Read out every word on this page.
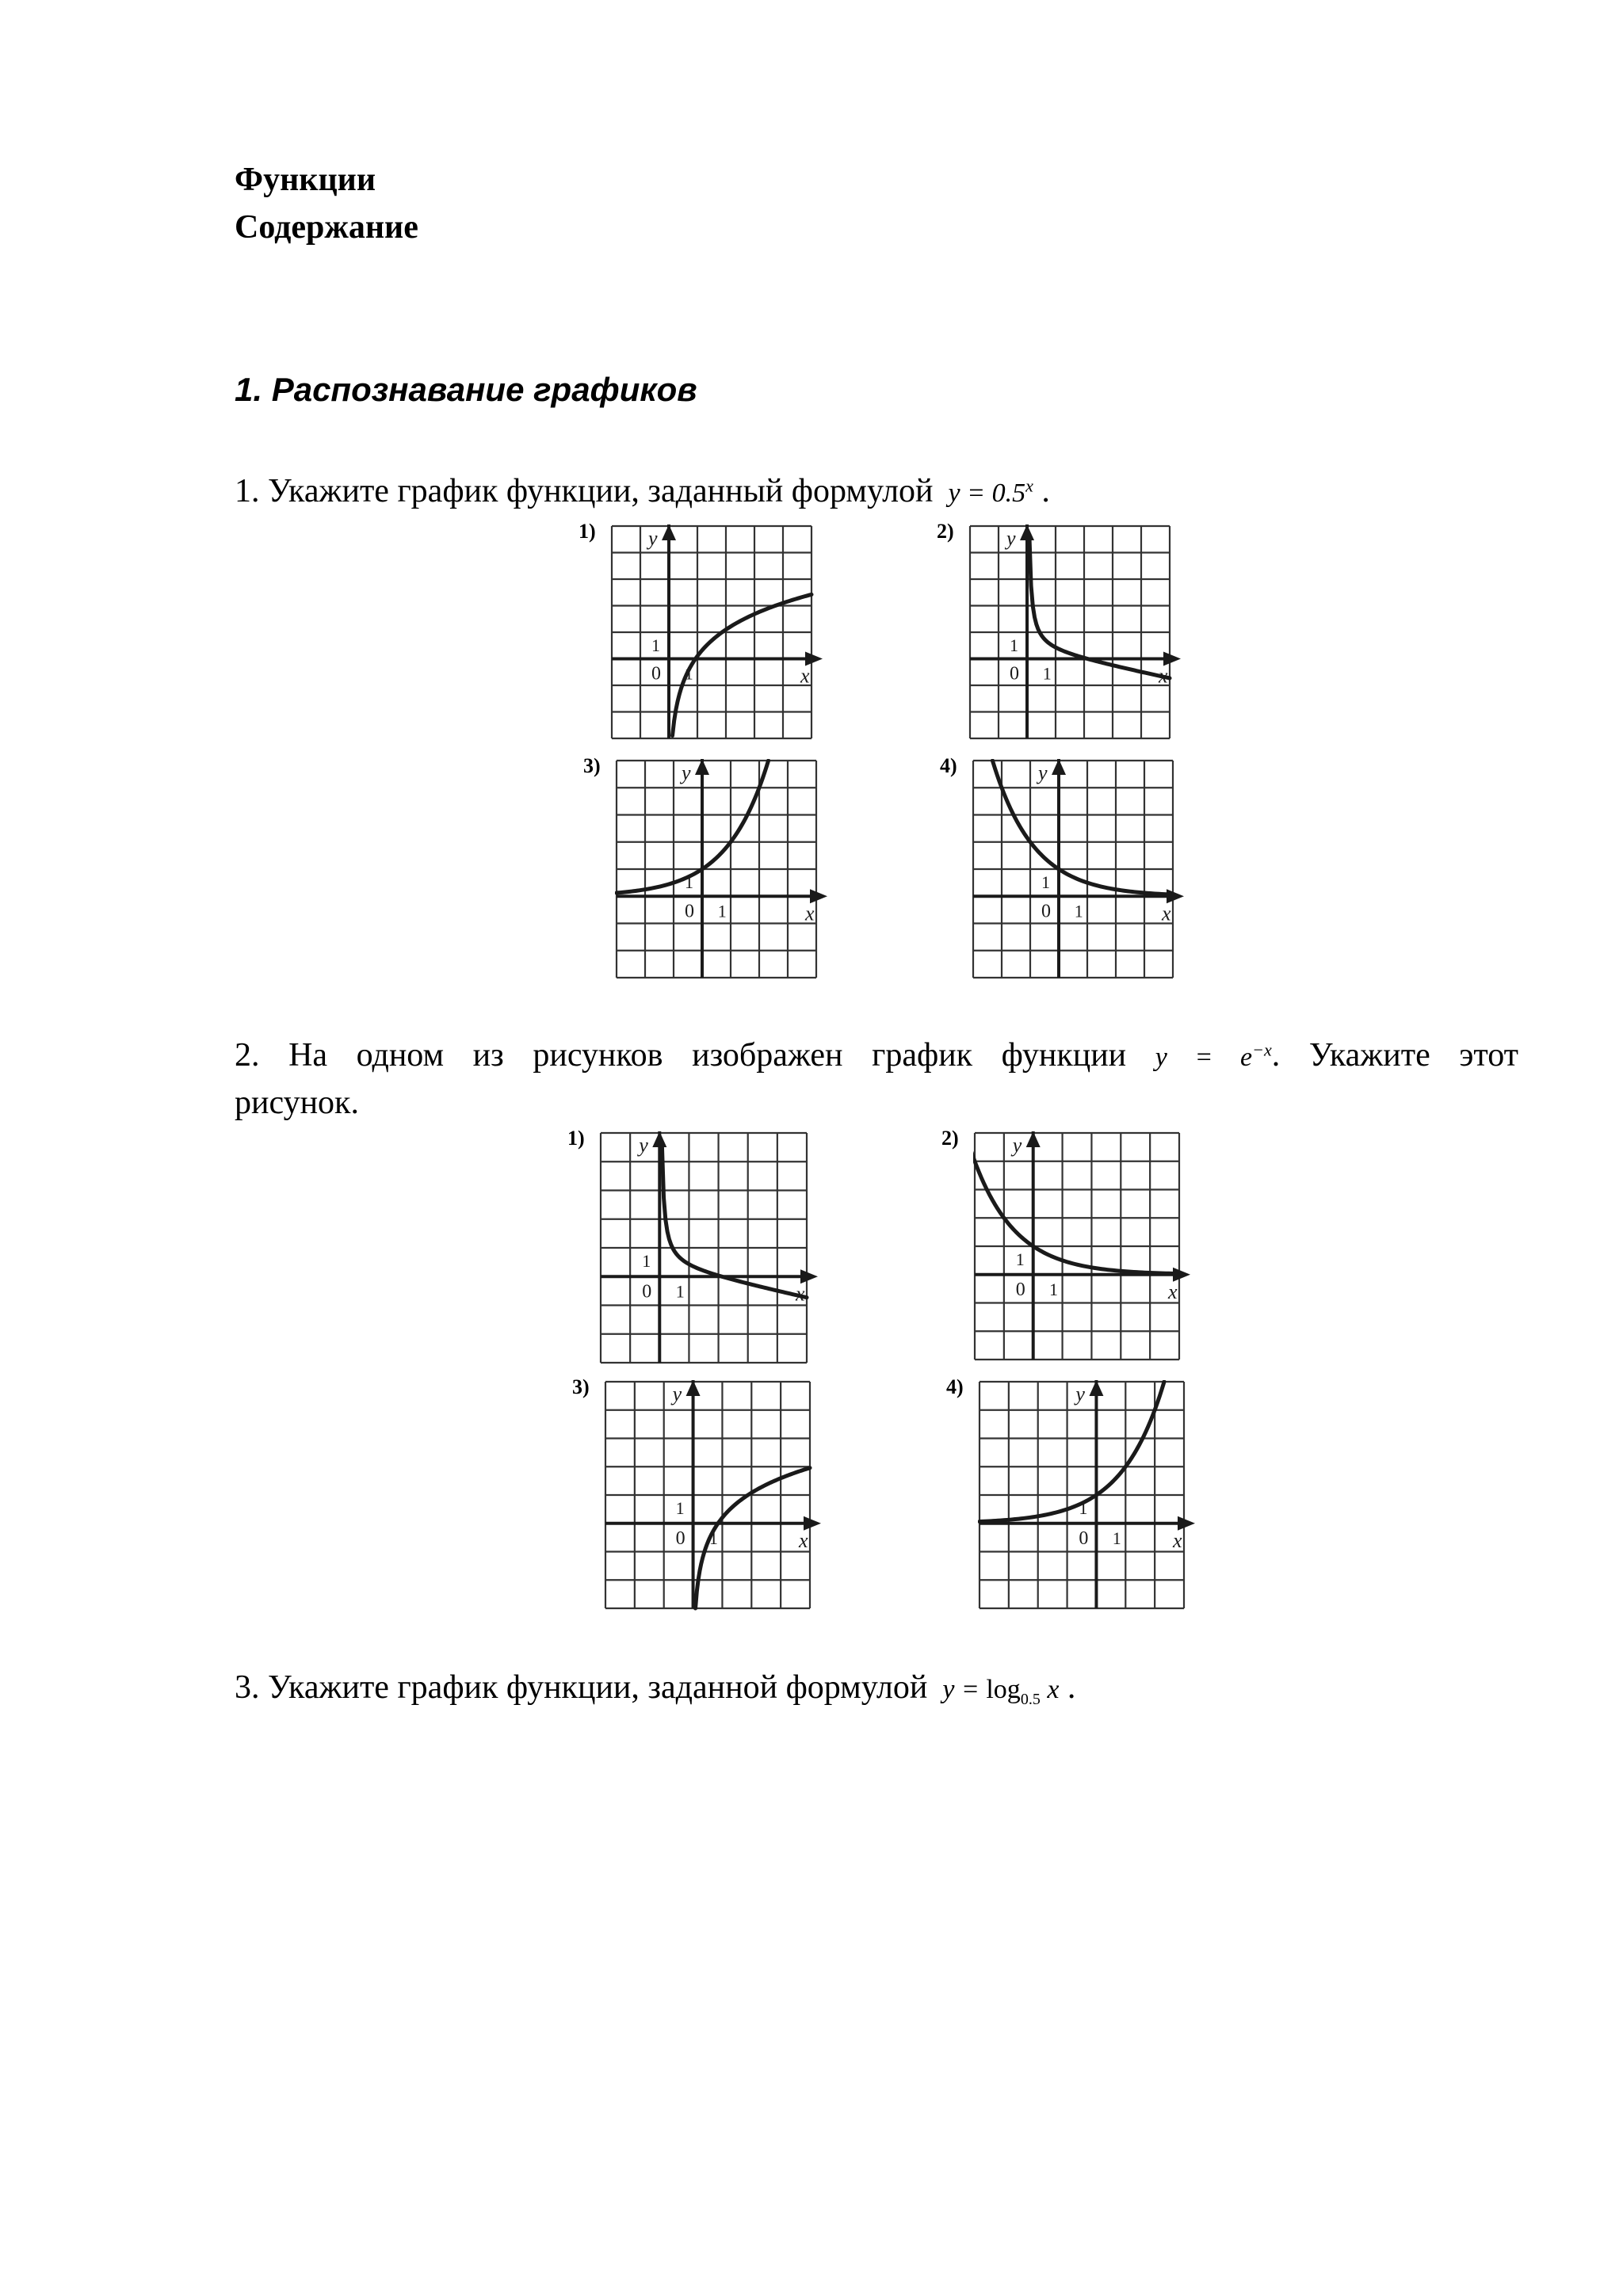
Функции
Содержание
1. Распознавание графиков

1. Укажите график функции, заданный формулой $y = 0.5^x$ .

1)
x
y
0
1
1
2)
x
y
0
1
1
3)
x
y
0
1
1
4)
x
y
0
1
1

2. На одном из рисунков изображен график функции $y = e^{-x}$. Укажите этот

рисунок.

1)
x
y
0
1
1
2)
x
y
0
1
1
3)
x
y
0
1
1
4)
x
y
0
1
1

3. Укажите график функции, заданной формулой $y = \log_{0.5} x$ .
